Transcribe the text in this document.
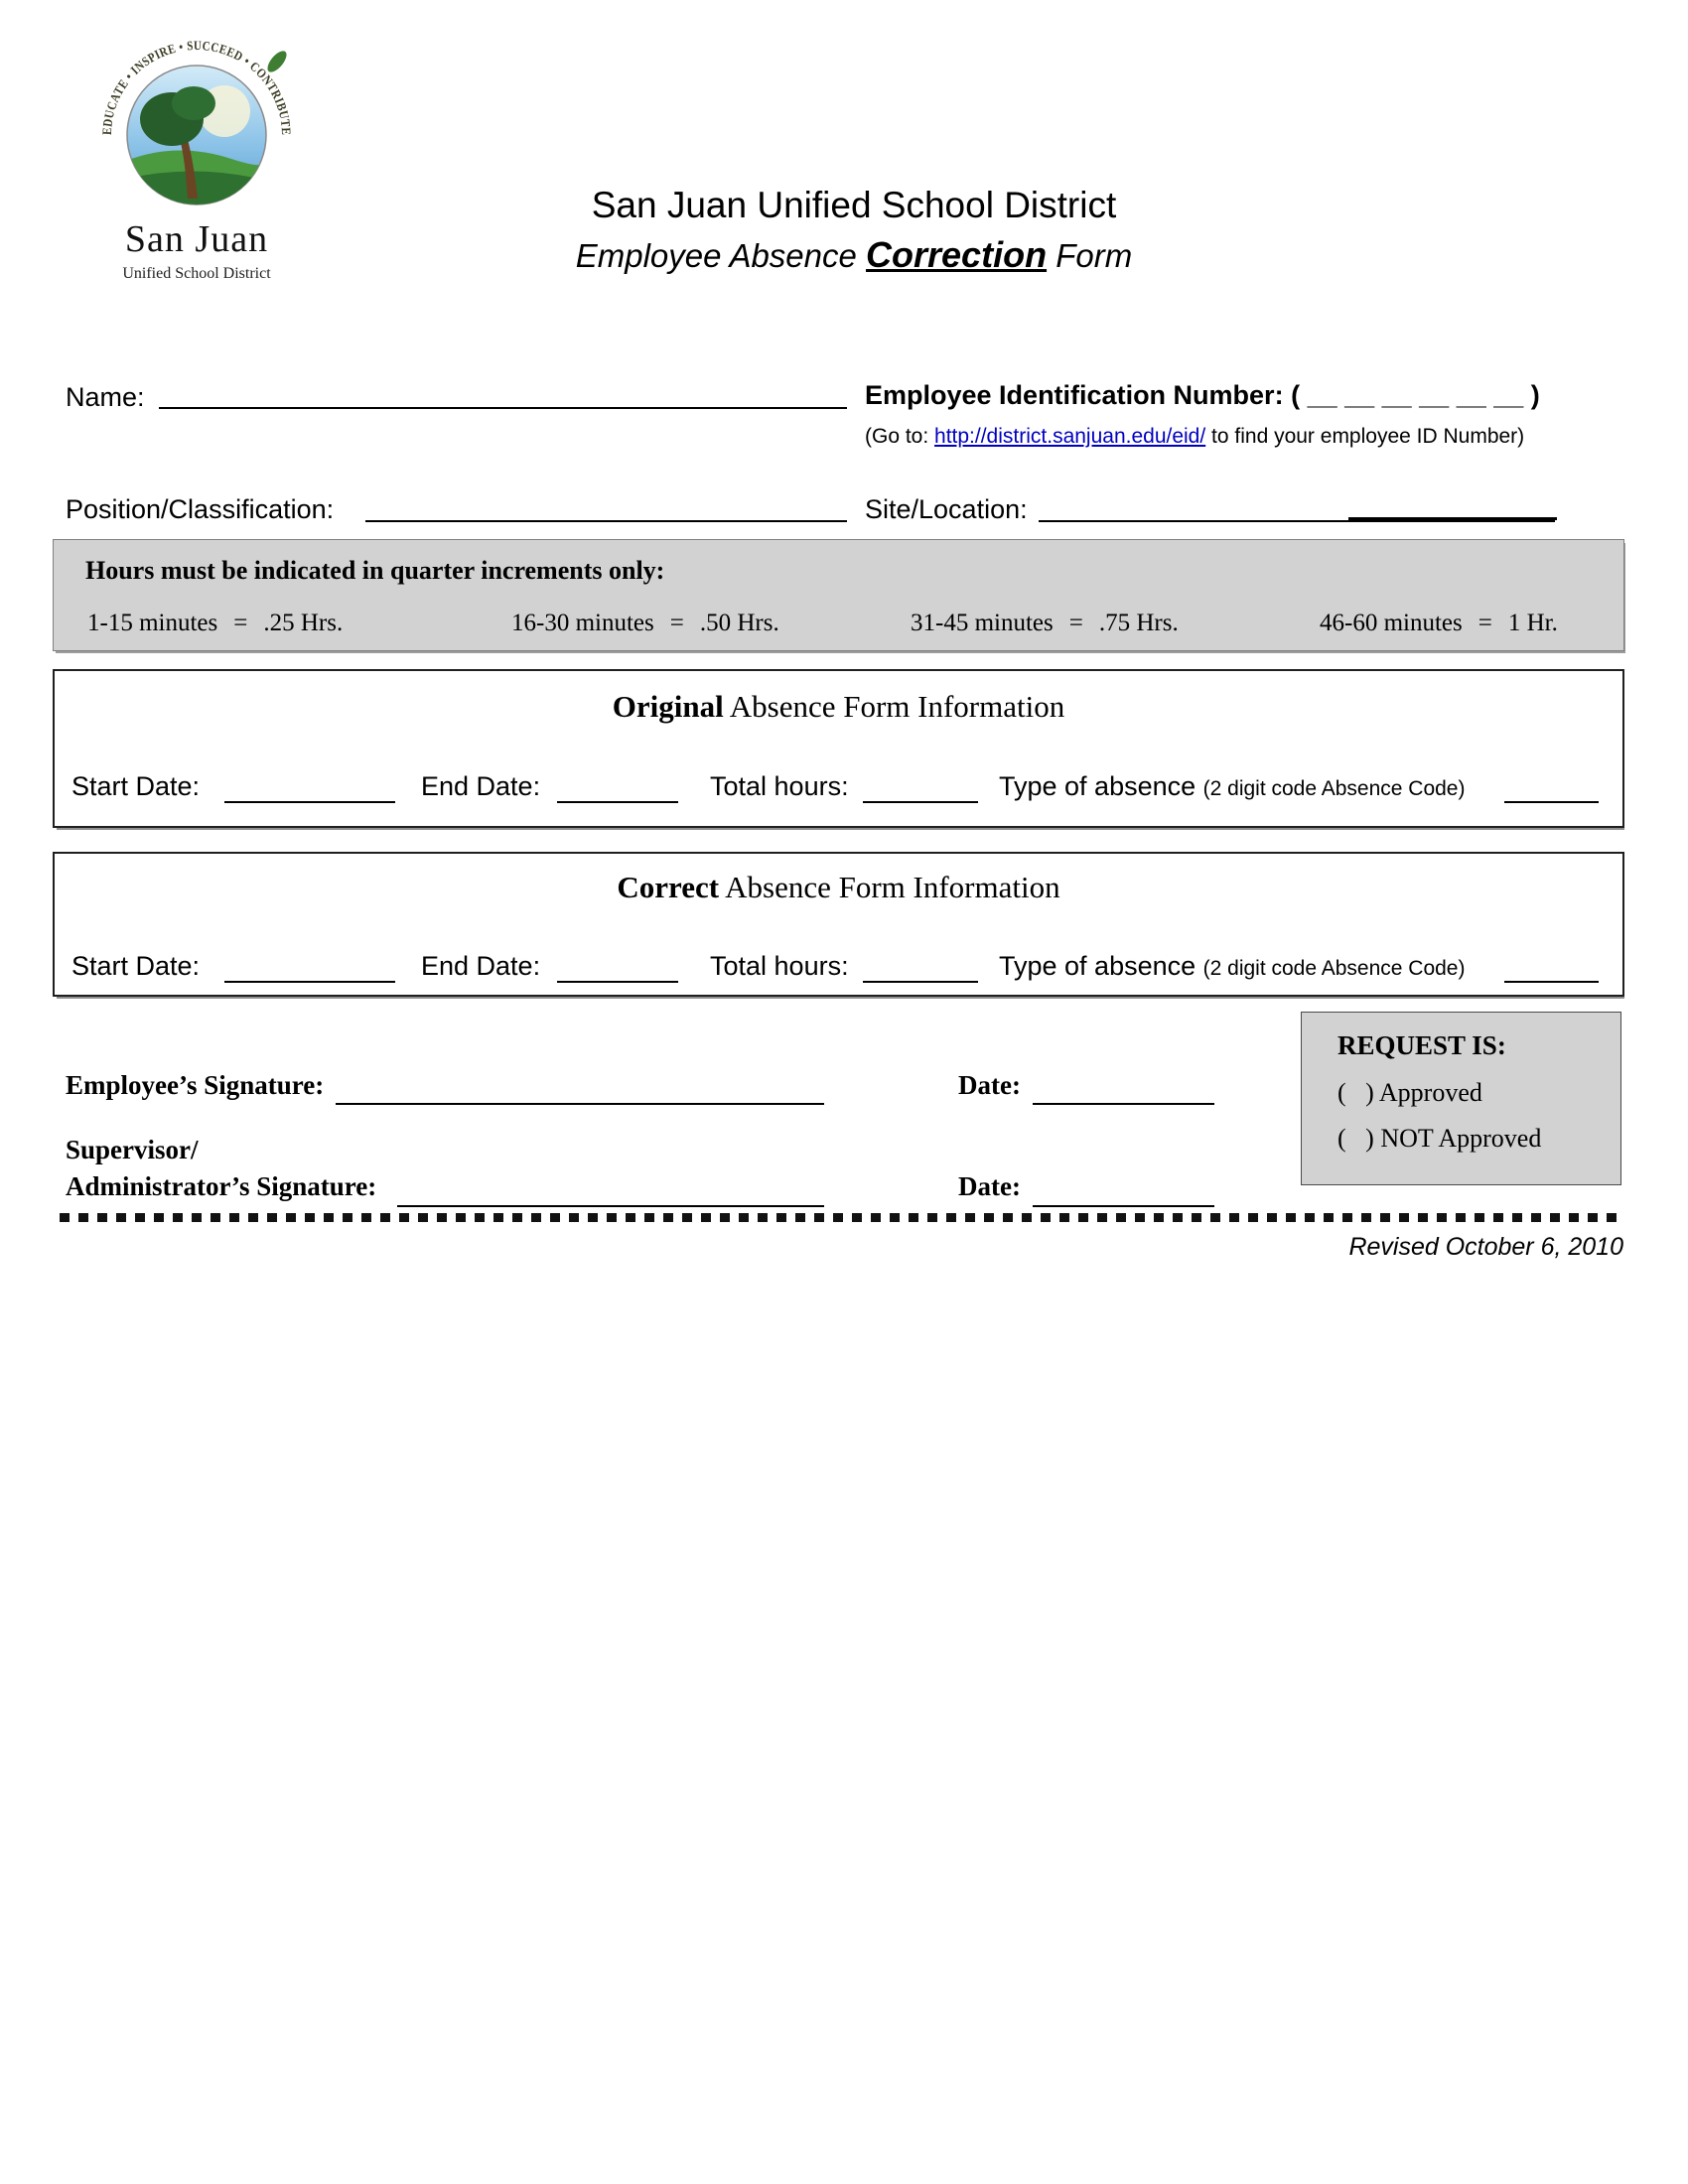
EDUCATE • INSPIRE • SUCCEED • CONTRIBUTE
San Juan
Unified School District
San Juan Unified School District
Employee Absence Correction Form
Name:	Employee Identification Number: ( __ __ __ __ __ __ )
(Go to: http://district.sanjuan.edu/eid/ to find your employee ID Number)
Position/Classification:	Site/Location:
Hours must be indicated in quarter increments only:
1-15 minutes = .25 Hrs.	16-30 minutes = .50 Hrs.	31-45 minutes = .75 Hrs.	46-60 minutes = 1 Hr.
Original Absence Form Information
Start Date:	End Date:	Total hours:	Type of absence (2 digit code Absence Code)
Correct Absence Form Information
Start Date:	End Date:	Total hours:	Type of absence (2 digit code Absence Code)
Employee’s Signature:	Date:
Supervisor/
Administrator’s Signature:	Date:
REQUEST IS:
(   ) Approved
(   ) NOT Approved
Revised October 6, 2010
